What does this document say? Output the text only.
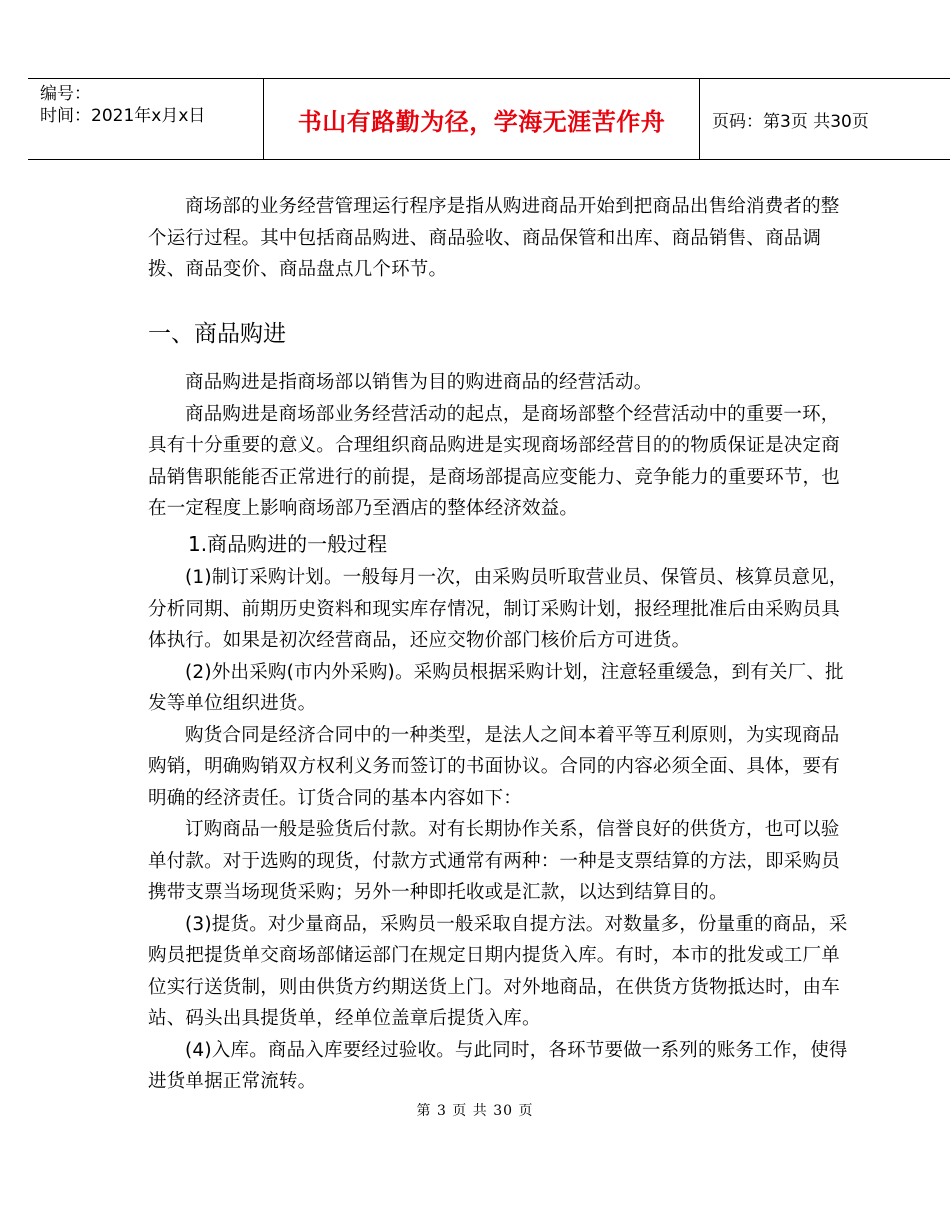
编号：
时间：2021年x月x日	书山有路勤为径，学海无涯苦作舟	页码：第3页 共30页

商场部的业务经营管理运行程序是指从购进商品开始到把商品出售给消费者的整个运行过程。其中包括商品购进、商品验收、商品保管和出库、商品销售、商品调拨、商品变价、商品盘点几个环节。

一、商品购进

商品购进是指商场部以销售为目的购进商品的经营活动。

商品购进是商场部业务经营活动的起点，是商场部整个经营活动中的重要一环，具有十分重要的意义。合理组织商品购进是实现商场部经营目的的物质保证是决定商品销售职能能否正常进行的前提，是商场部提高应变能力、竞争能力的重要环节，也在一定程度上影响商场部乃至酒店的整体经济效益。

1.商品购进的一般过程

(1)制订采购计划。一般每月一次，由采购员听取营业员、保管员、核算员意见，分析同期、前期历史资料和现实库存情况，制订采购计划，报经理批准后由采购员具体执行。如果是初次经营商品，还应交物价部门核价后方可进货。

(2)外出采购(市内外采购)。采购员根据采购计划，注意轻重缓急，到有关厂、批发等单位组织进货。

购货合同是经济合同中的一种类型，是法人之间本着平等互利原则，为实现商品购销，明确购销双方权利义务而签订的书面协议。合同的内容必须全面、具体，要有明确的经济责任。订货合同的基本内容如下：

订购商品一般是验货后付款。对有长期协作关系，信誉良好的供货方，也可以验单付款。对于选购的现货，付款方式通常有两种：一种是支票结算的方法，即采购员携带支票当场现货采购；另外一种即托收或是汇款，以达到结算目的。

(3)提货。对少量商品，采购员一般采取自提方法。对数量多，份量重的商品，采购员把提货单交商场部储运部门在规定日期内提货入库。有时，本市的批发或工厂单位实行送货制，则由供货方约期送货上门。对外地商品，在供货方货物抵达时，由车站、码头出具提货单，经单位盖章后提货入库。

(4)入库。商品入库要经过验收。与此同时，各环节要做一系列的账务工作，使得进货单据正常流转。

第 3 页 共 30 页
